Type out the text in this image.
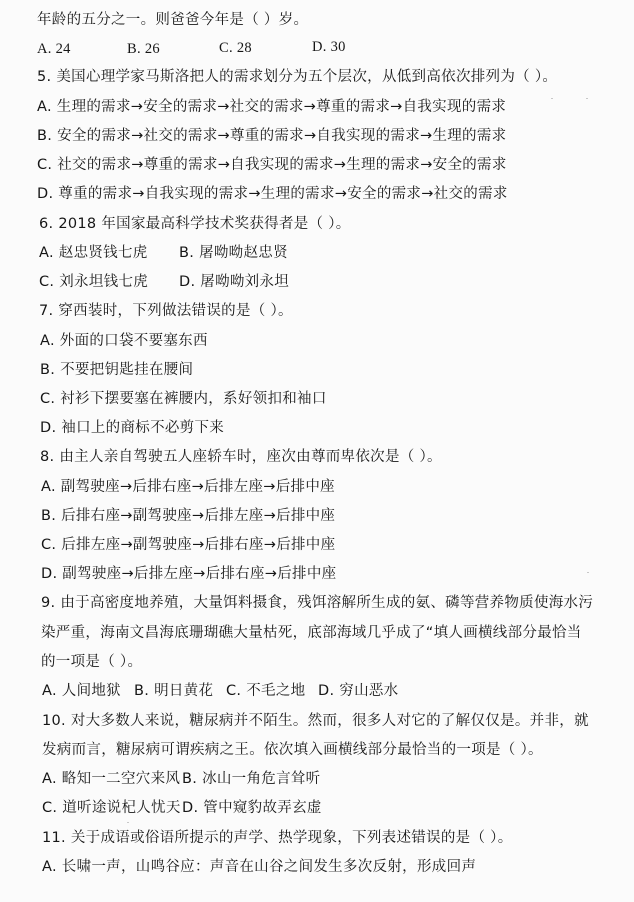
年龄的五分之一。则爸爸今年是（ ）岁。
A. 24	B. 26	C. 28	D. 30
5. 美国心理学家马斯洛把人的需求划分为五个层次，从低到高依次排列为（ ）。
A. 生理的需求→安全的需求→社交的需求→尊重的需求→自我实现的需求
B. 安全的需求→社交的需求→尊重的需求→自我实现的需求→生理的需求
C. 社交的需求→尊重的需求→自我实现的需求→生理的需求→安全的需求
D. 尊重的需求→自我实现的需求→生理的需求→安全的需求→社交的需求
6. 2018 年国家最高科学技术奖获得者是（ ）。
A. 赵忠贤钱七虎 B. 屠呦呦赵忠贤
C. 刘永坦钱七虎 D. 屠呦呦刘永坦
7. 穿西装时，下列做法错误的是（ ）。
A. 外面的口袋不要塞东西
B. 不要把钥匙挂在腰间
C. 衬衫下摆要塞在裤腰内，系好领扣和袖口
D. 袖口上的商标不必剪下来
8. 由主人亲自驾驶五人座轿车时，座次由尊而卑依次是（ ）。
A. 副驾驶座→后排右座→后排左座→后排中座
B. 后排右座→副驾驶座→后排左座→后排中座
C. 后排左座→副驾驶座→后排右座→后排中座
D. 副驾驶座→后排左座→后排右座→后排中座
9. 由于高密度地养殖，大量饵料摄食，残饵溶解所生成的氨、磷等营养物质使海水污
染严重，海南文昌海底珊瑚礁大量枯死，底部海域几乎成了“填人画横线部分最恰当
的一项是（ ）。
A. 人间地狱 B. 明日黄花 C. 不毛之地 D. 穷山恶水
10. 对大多数人来说，糖尿病并不陌生。然而，很多人对它的了解仅仅是。并非，就
发病而言，糖尿病可谓疾病之王。依次填入画横线部分最恰当的一项是（ ）。
A. 略知一二空穴来风 B. 冰山一角危言耸听
C. 道听途说杞人忧天 D. 管中窥豹故弄玄虚
11. 关于成语或俗语所提示的声学、热学现象，下列表述错误的是（ ）。
A. 长啸一声，山鸣谷应：声音在山谷之间发生多次反射，形成回声
